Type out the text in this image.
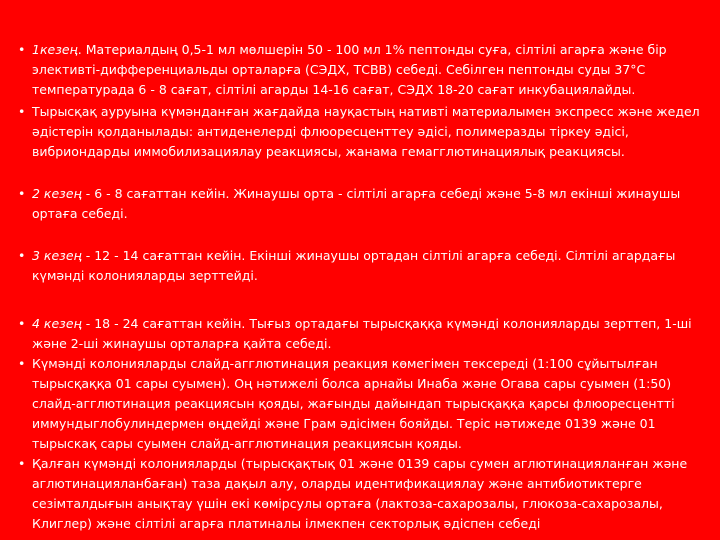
• 1кезең. Материалдың 0,5-1 мл мөлшерін 50 - 100 мл 1% пептонды суға, сілтілі агарға және бір элективті-дифференциальды орталарға (СЭДХ, ТСВВ) себеді. Себілген пептонды суды 37°С температурада 6 - 8 сағат, сілтілі агарды 14-16 сағат, СЭДХ 18-20 сағат инкубациялайды.
• Тырысқақ ауруына күмәнданған жағдайда науқастың нативті материалымен экспресс және жедел әдістерін қолданылады: антиденелерді флюоресценттеу әдісі, полимеразды тіркеу әдісі, вибриондарды иммобилизациялау реакциясы, жанама гемагглютинациялық реакциясы.
• 2 кезең - 6 - 8 сағаттан кейін. Жинаушы орта - сілтілі агарға себеді және 5-8 мл екінші жинаушы ортаға себеді.
• 3 кезең - 12 - 14 сағаттан кейін. Екінші жинаушы ортадан сілтілі агарға себеді. Сілтілі агардағы күмәнді колонияларды зерттейді.
• 4 кезең - 18 - 24 сағаттан кейін. Тығыз ортадағы тырысқаққа күмәнді колонияларды зерттеп, 1-ші және 2-ші жинаушы орталарға қайта себеді.
• Күмәнді колонияларды слайд-агглютинация реакция көмегімен тексереді (1:100 сұйытылған тырысқаққа 01 сары суымен). Оң нәтижелі болса арнайы Инаба және Огава сары суымен (1:50) слайд-агглютинация реакциясын қояды, жағынды дайындап тырысқаққа қарсы флюоресцентті иммундыглобулиндермен өңдейді және Грам әдісімен бояйды. Теріс нәтижеде 0139 және 01 тырыскақ сары суымен слайд-агглютинация реакциясын қояды.
• Қалған күмәнді колонияларды (тырысқақтық 01 және 0139 сары сумен аглютинацияланған және аглютинацияланбаған) таза дақыл алу, оларды идентификациялау және антибиотиктерге сезімталдығын анықтау үшін екі көмірсулы ортаға (лактоза-сахарозалы, глюкоза-сахарозалы, Клиглер) және сілтілі агарға платиналы ілмекпен секторлық әдіспен себеді
